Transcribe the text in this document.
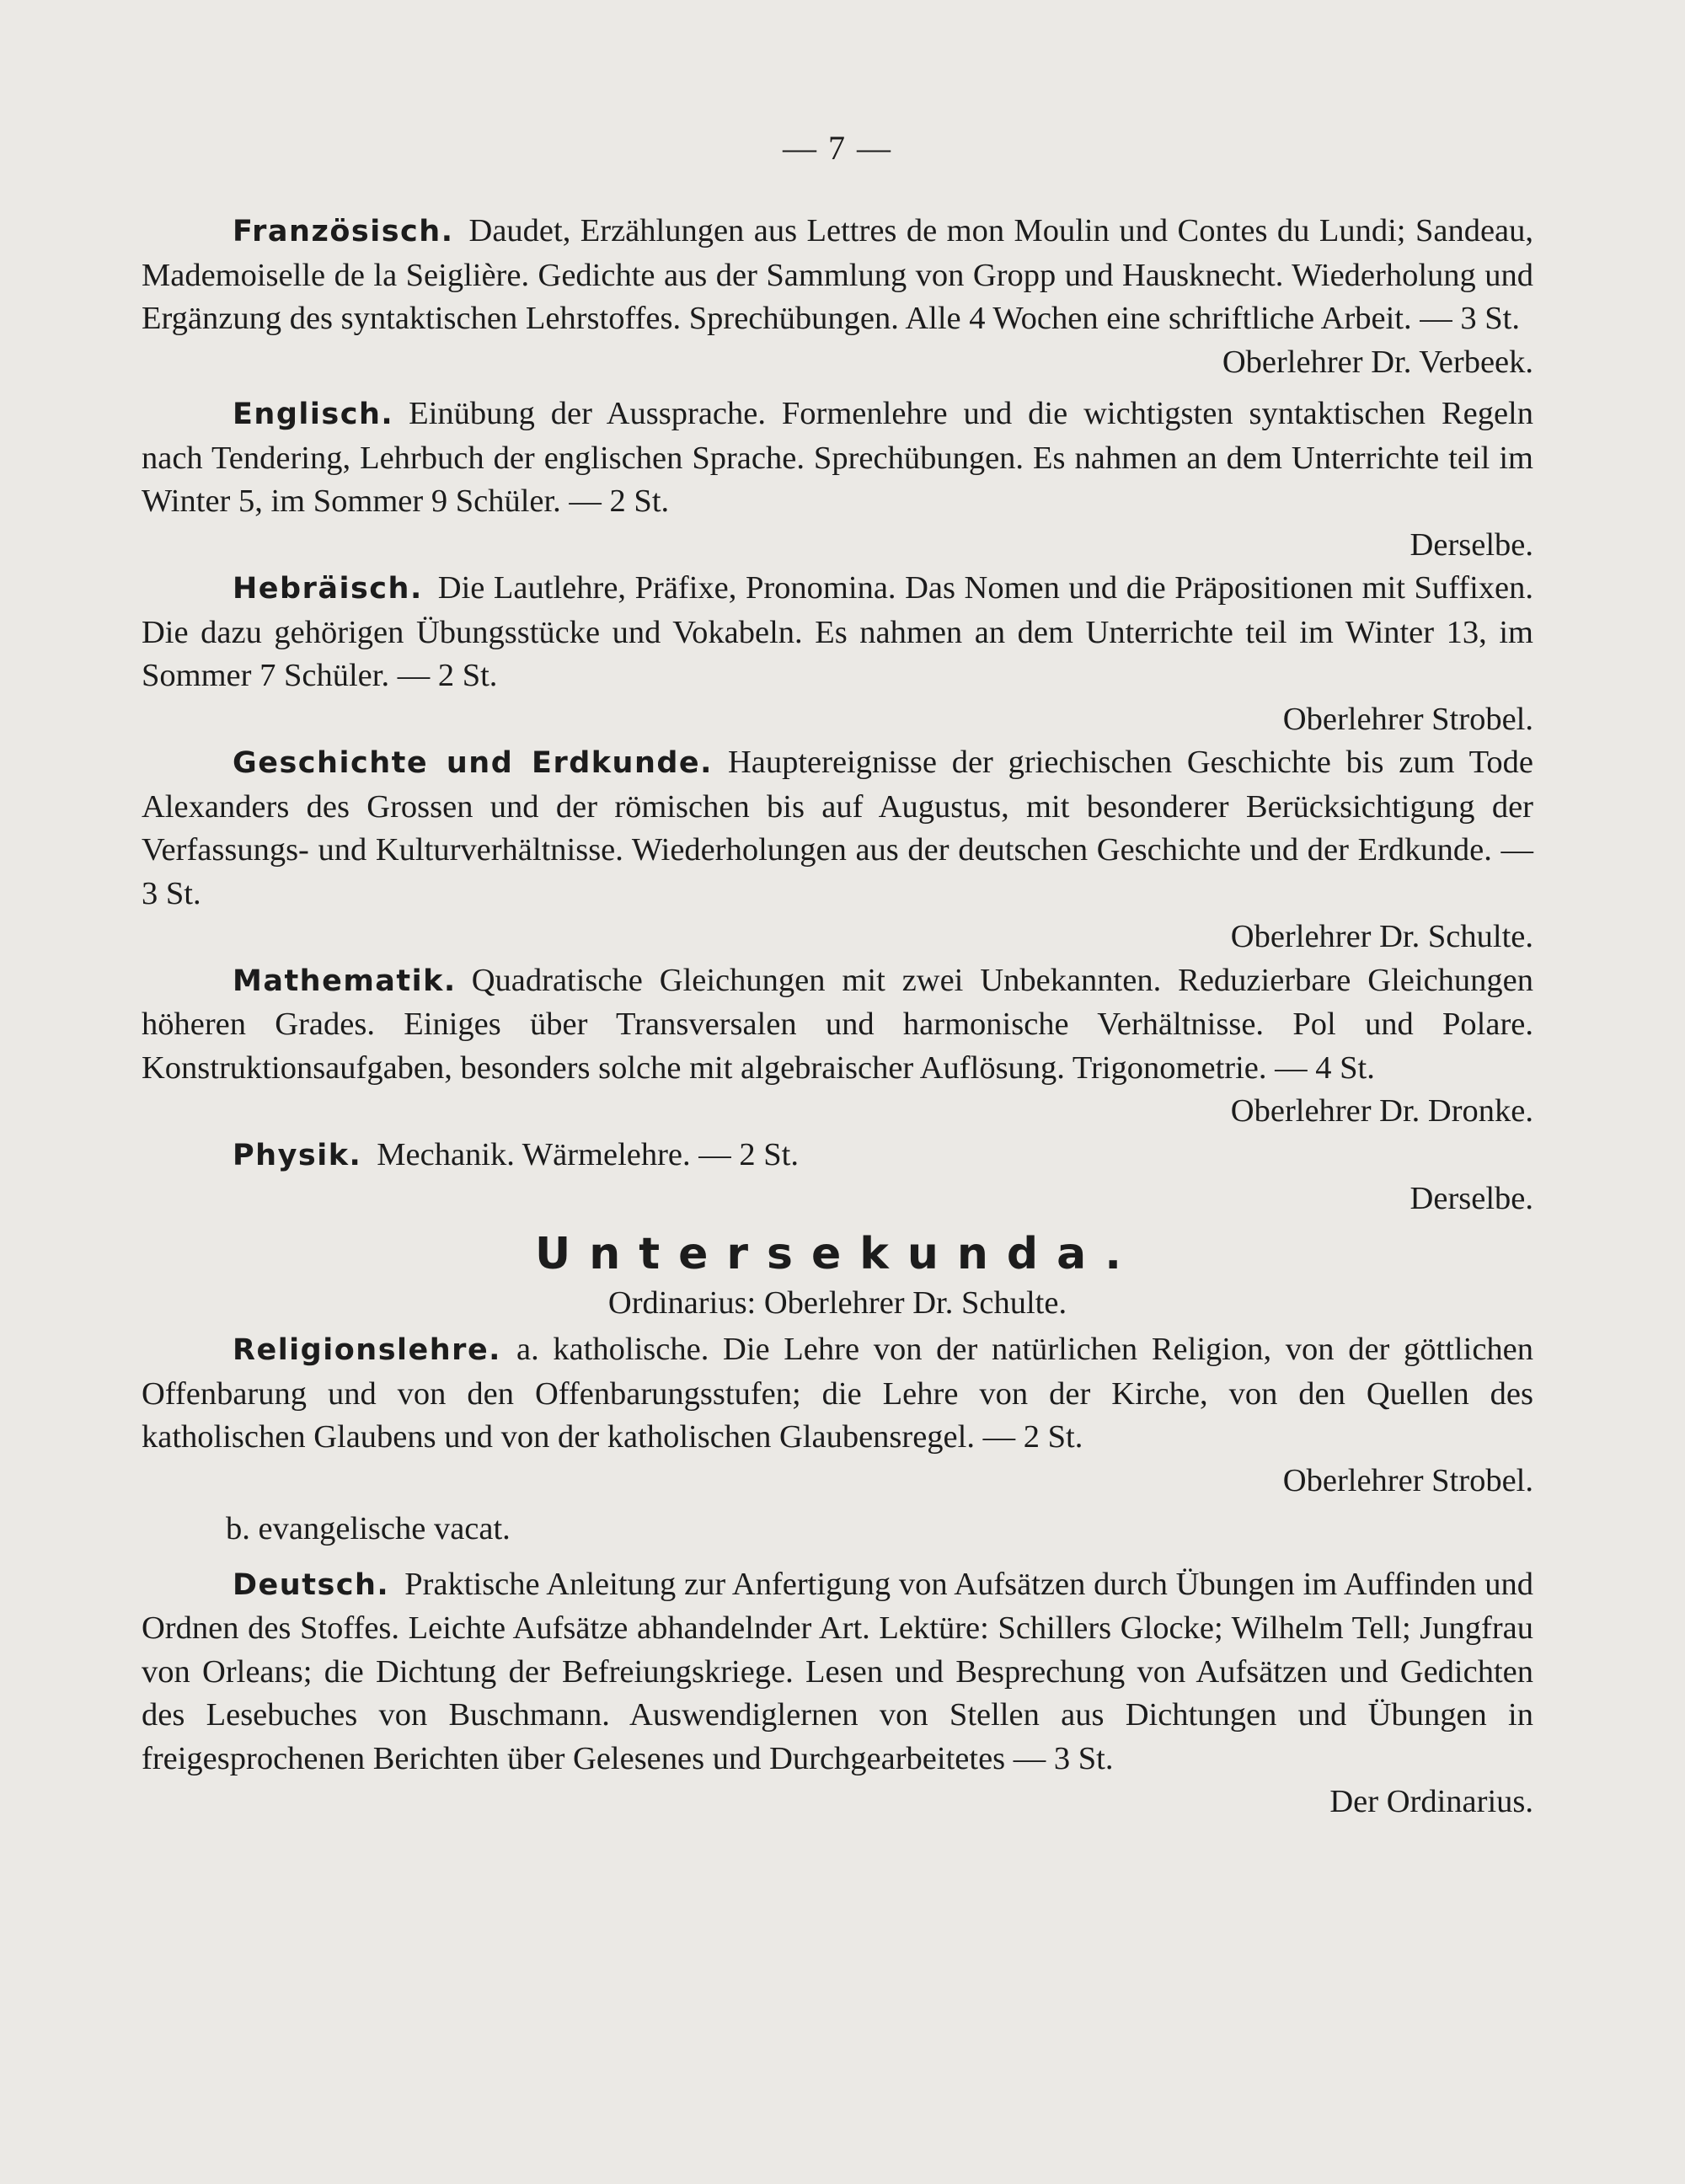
— 7 —

Französisch. Daudet, Erzählungen aus Lettres de mon Moulin und Contes du Lundi; Sandeau, Mademoiselle de la Seiglière. Gedichte aus der Sammlung von Gropp und Hausknecht. Wiederholung und Ergänzung des syntaktischen Lehrstoffes. Sprechübungen. Alle 4 Wochen eine schriftliche Arbeit. — 3 St.

Oberlehrer Dr. Verbeek.

Englisch. Einübung der Aussprache. Formenlehre und die wichtigsten syntaktischen Regeln nach Tendering, Lehrbuch der englischen Sprache. Sprechübungen. Es nahmen an dem Unterrichte teil im Winter 5, im Sommer 9 Schüler. — 2 St.

Derselbe.

Hebräisch. Die Lautlehre, Präfixe, Pronomina. Das Nomen und die Präpositionen mit Suffixen. Die dazu gehörigen Übungsstücke und Vokabeln. Es nahmen an dem Unterrichte teil im Winter 13, im Sommer 7 Schüler. — 2 St.

Oberlehrer Strobel.

Geschichte und Erdkunde. Hauptereignisse der griechischen Geschichte bis zum Tode Alexanders des Grossen und der römischen bis auf Augustus, mit besonderer Berücksichtigung der Verfassungs- und Kulturverhältnisse. Wiederholungen aus der deutschen Geschichte und der Erdkunde. — 3 St.

Oberlehrer Dr. Schulte.

Mathematik. Quadratische Gleichungen mit zwei Unbekannten. Reduzierbare Gleichungen höheren Grades. Einiges über Transversalen und harmonische Verhältnisse. Pol und Polare. Konstruktionsaufgaben, besonders solche mit algebraischer Auflösung. Trigonometrie. — 4 St.

Oberlehrer Dr. Dronke.

Physik. Mechanik. Wärmelehre. — 2 St.

Derselbe.
Untersekunda.
Ordinarius: Oberlehrer Dr. Schulte.

Religionslehre. a. katholische. Die Lehre von der natürlichen Religion, von der göttlichen Offenbarung und von den Offenbarungsstufen; die Lehre von der Kirche, von den Quellen des katholischen Glaubens und von der katholischen Glaubensregel. — 2 St.

Oberlehrer Strobel.
b. evangelische vacat.

Deutsch. Praktische Anleitung zur Anfertigung von Aufsätzen durch Übungen im Auffinden und Ordnen des Stoffes. Leichte Aufsätze abhandelnder Art. Lektüre: Schillers Glocke; Wilhelm Tell; Jungfrau von Orleans; die Dichtung der Befreiungskriege. Lesen und Besprechung von Aufsätzen und Gedichten des Lesebuches von Buschmann. Auswendiglernen von Stellen aus Dichtungen und Übungen in freigesprochenen Berichten über Gelesenes und Durchgearbeitetes — 3 St.

Der Ordinarius.
